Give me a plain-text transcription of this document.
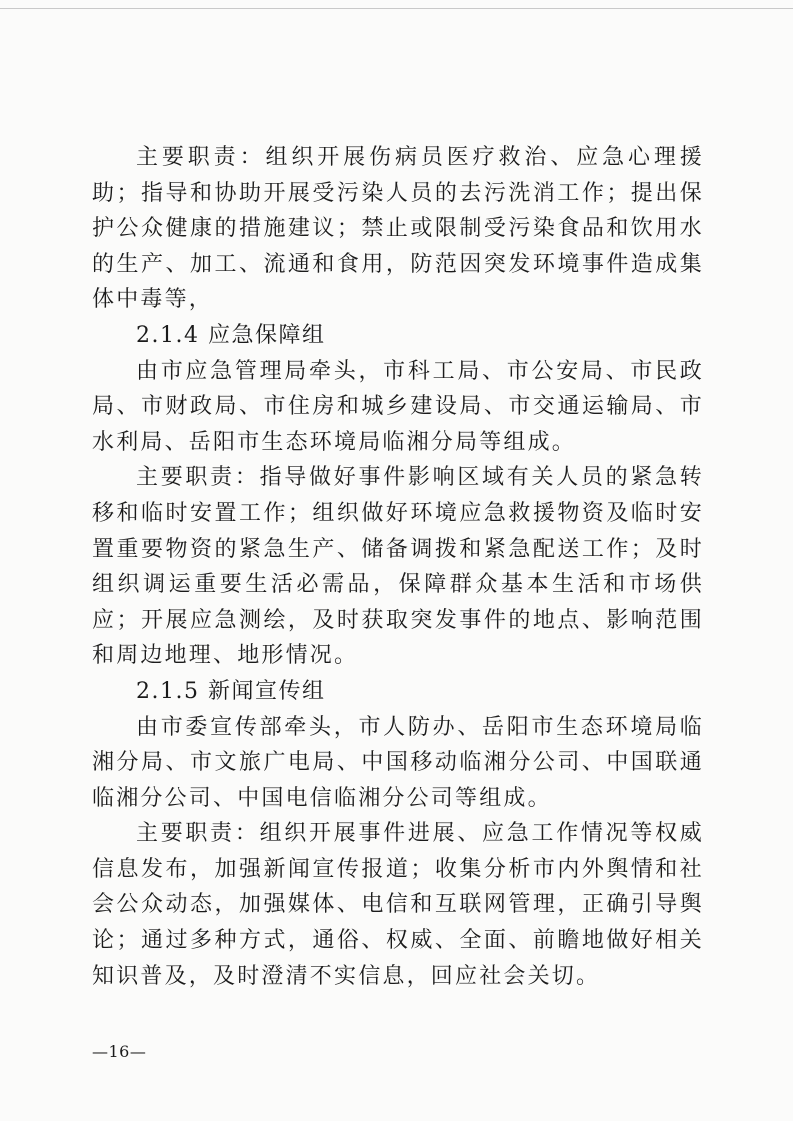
主要职责：组织开展伤病员医疗救治、应急心理援助；指导和协助开展受污染人员的去污洗消工作；提出保护公众健康的措施建议；禁止或限制受污染食品和饮用水的生产、加工、流通和食用，防范因突发环境事件造成集体中毒等，

2.1.4 应急保障组

由市应急管理局牵头，市科工局、市公安局、市民政局、市财政局、市住房和城乡建设局、市交通运输局、市水利局、岳阳市生态环境局临湘分局等组成。

主要职责：指导做好事件影响区域有关人员的紧急转移和临时安置工作；组织做好环境应急救援物资及临时安置重要物资的紧急生产、储备调拨和紧急配送工作；及时组织调运重要生活必需品，保障群众基本生活和市场供应；开展应急测绘，及时获取突发事件的地点、影响范围和周边地理、地形情况。

2.1.5 新闻宣传组

由市委宣传部牵头，市人防办、岳阳市生态环境局临湘分局、市文旅广电局、中国移动临湘分公司、中国联通临湘分公司、中国电信临湘分公司等组成。

主要职责：组织开展事件进展、应急工作情况等权威信息发布，加强新闻宣传报道；收集分析市内外舆情和社会公众动态，加强媒体、电信和互联网管理，正确引导舆论；通过多种方式，通俗、权威、全面、前瞻地做好相关知识普及，及时澄清不实信息，回应社会关切。

—16—
